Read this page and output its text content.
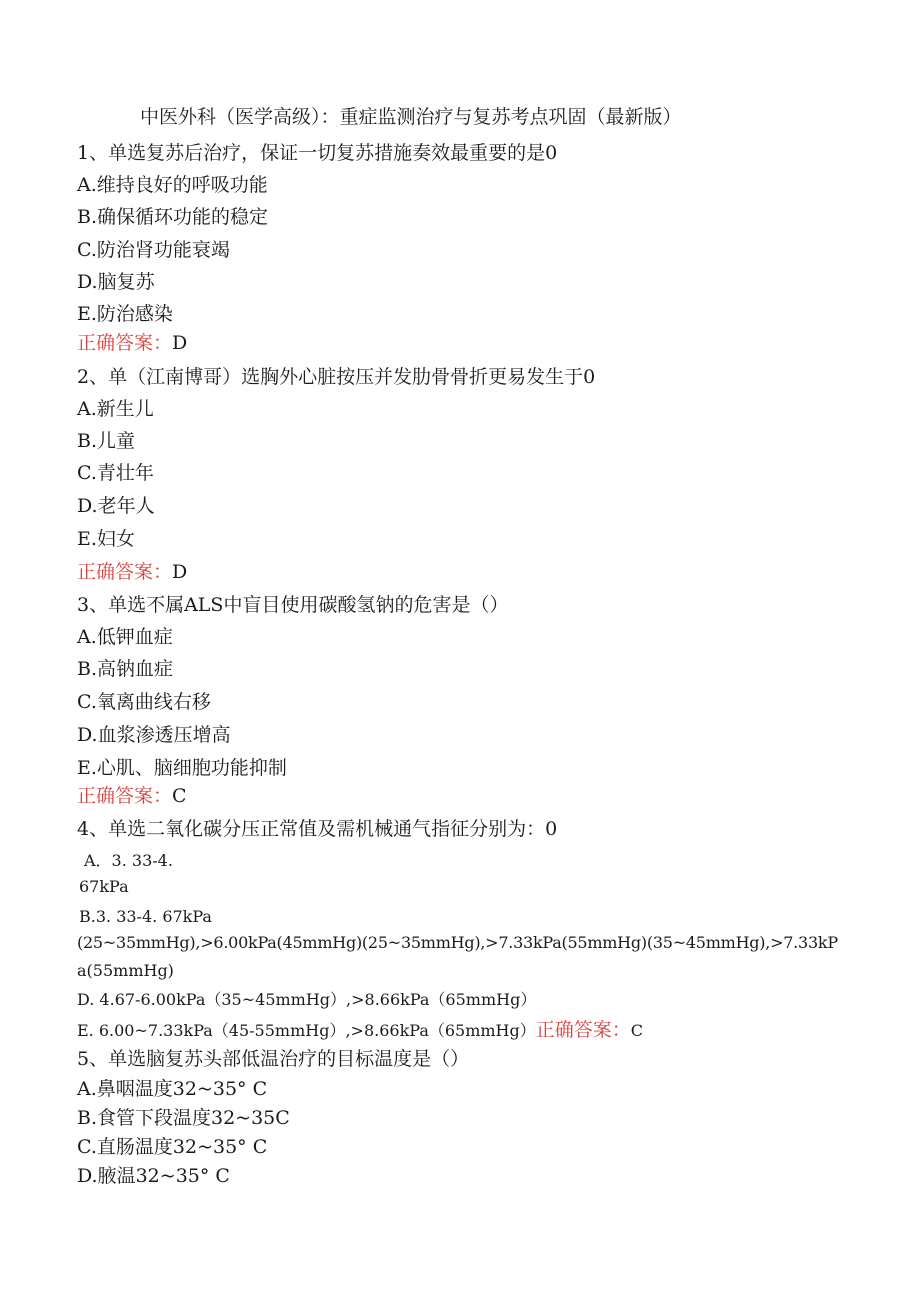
中医外科（医学高级）：重症监测治疗与复苏考点巩固（最新版）
1、单选复苏后治疗，保证一切复苏措施奏效最重要的是0
A.维持良好的呼吸功能
B.确保循环功能的稳定
C.防治肾功能衰竭
D.脑复苏
E.防治感染
正确答案：D
2、单（江南博哥）选胸外心脏按压并发肋骨骨折更易发生于0
A.新生儿
B.儿童
C.青壮年
D.老年人
E.妇女
正确答案：D
3、单选不属ALS中盲目使用碳酸氢钠的危害是（）
A.低钾血症
B.高钠血症
C.氧离曲线右移
D.血浆渗透压增高
E.心肌、脑细胞功能抑制
正确答案：C
4、单选二氧化碳分压正常值及需机械通气指征分别为：0
A．3. 33-4.
67kPa
B.3. 33-4. 67kPa
(25~35mmHg),>6.00kPa(45mmHg)(25~35mmHg),>7.33kPa(55mmHg)(35~45mmHg),>7.33kP
a(55mmHg)
D. 4.67-6.00kPa（35~45mmHg）,>8.66kPa（65mmHg）
E. 6.00~7.33kPa（45-55mmHg）,>8.66kPa（65mmHg）正确答案：C
5、单选脑复苏头部低温治疗的目标温度是（）
A.鼻咽温度32~35° C
B.食管下段温度32~35C
C.直肠温度32~35° C
D.腋温32~35° C
